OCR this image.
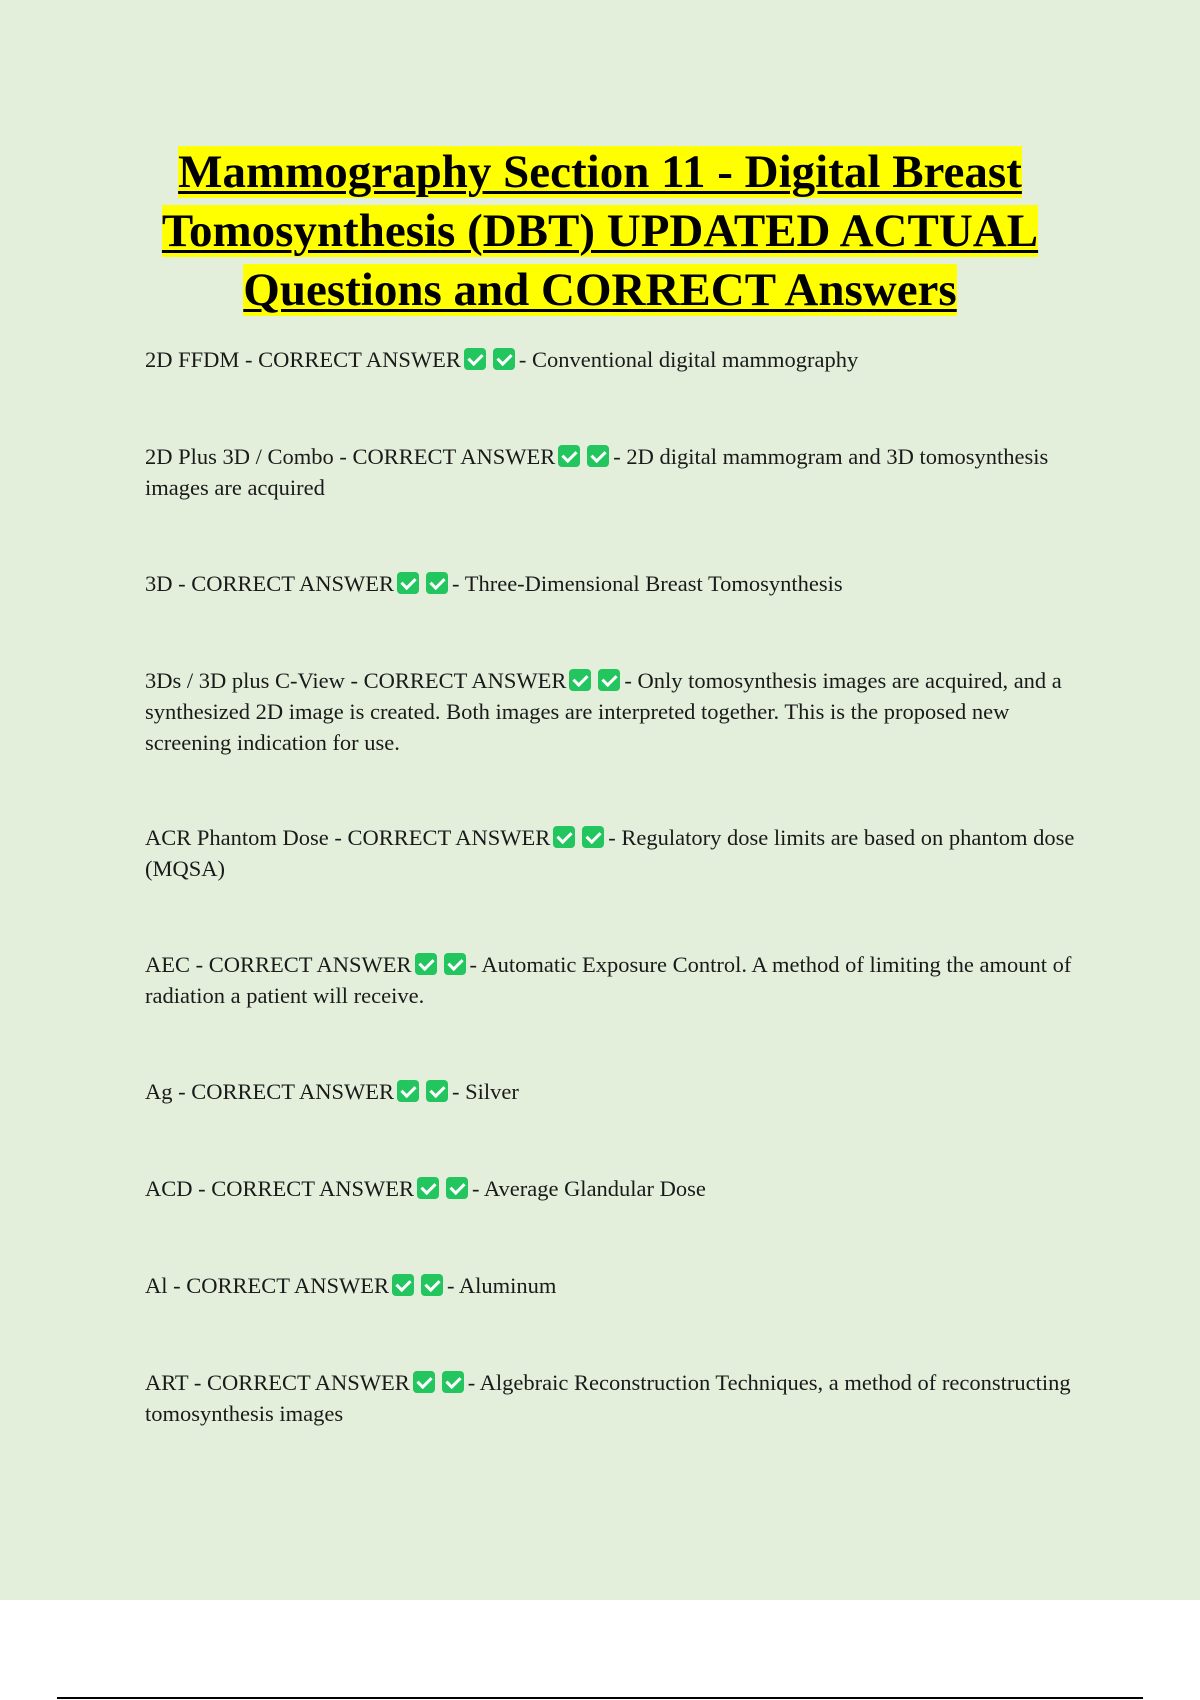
Mammography Section 11 - Digital Breast Tomosynthesis (DBT) UPDATED ACTUAL Questions and CORRECT Answers
2D FFDM - CORRECT ANSWER	- Conventional digital mammography
2D Plus 3D / Combo - CORRECT ANSWER	- 2D digital mammogram and 3D tomosynthesis images are acquired
3D - CORRECT ANSWER	- Three-Dimensional Breast Tomosynthesis
3Ds / 3D plus C-View - CORRECT ANSWER	- Only tomosynthesis images are acquired, and a synthesized 2D image is created. Both images are interpreted together. This is the proposed new screening indication for use.
ACR Phantom Dose - CORRECT ANSWER	- Regulatory dose limits are based on phantom dose (MQSA)
AEC - CORRECT ANSWER	- Automatic Exposure Control. A method of limiting the amount of radiation a patient will receive.
Ag - CORRECT ANSWER	- Silver
ACD - CORRECT ANSWER	- Average Glandular Dose
Al - CORRECT ANSWER	- Aluminum
ART - CORRECT ANSWER	- Algebraic Reconstruction Techniques, a method of reconstructing tomosynthesis images
